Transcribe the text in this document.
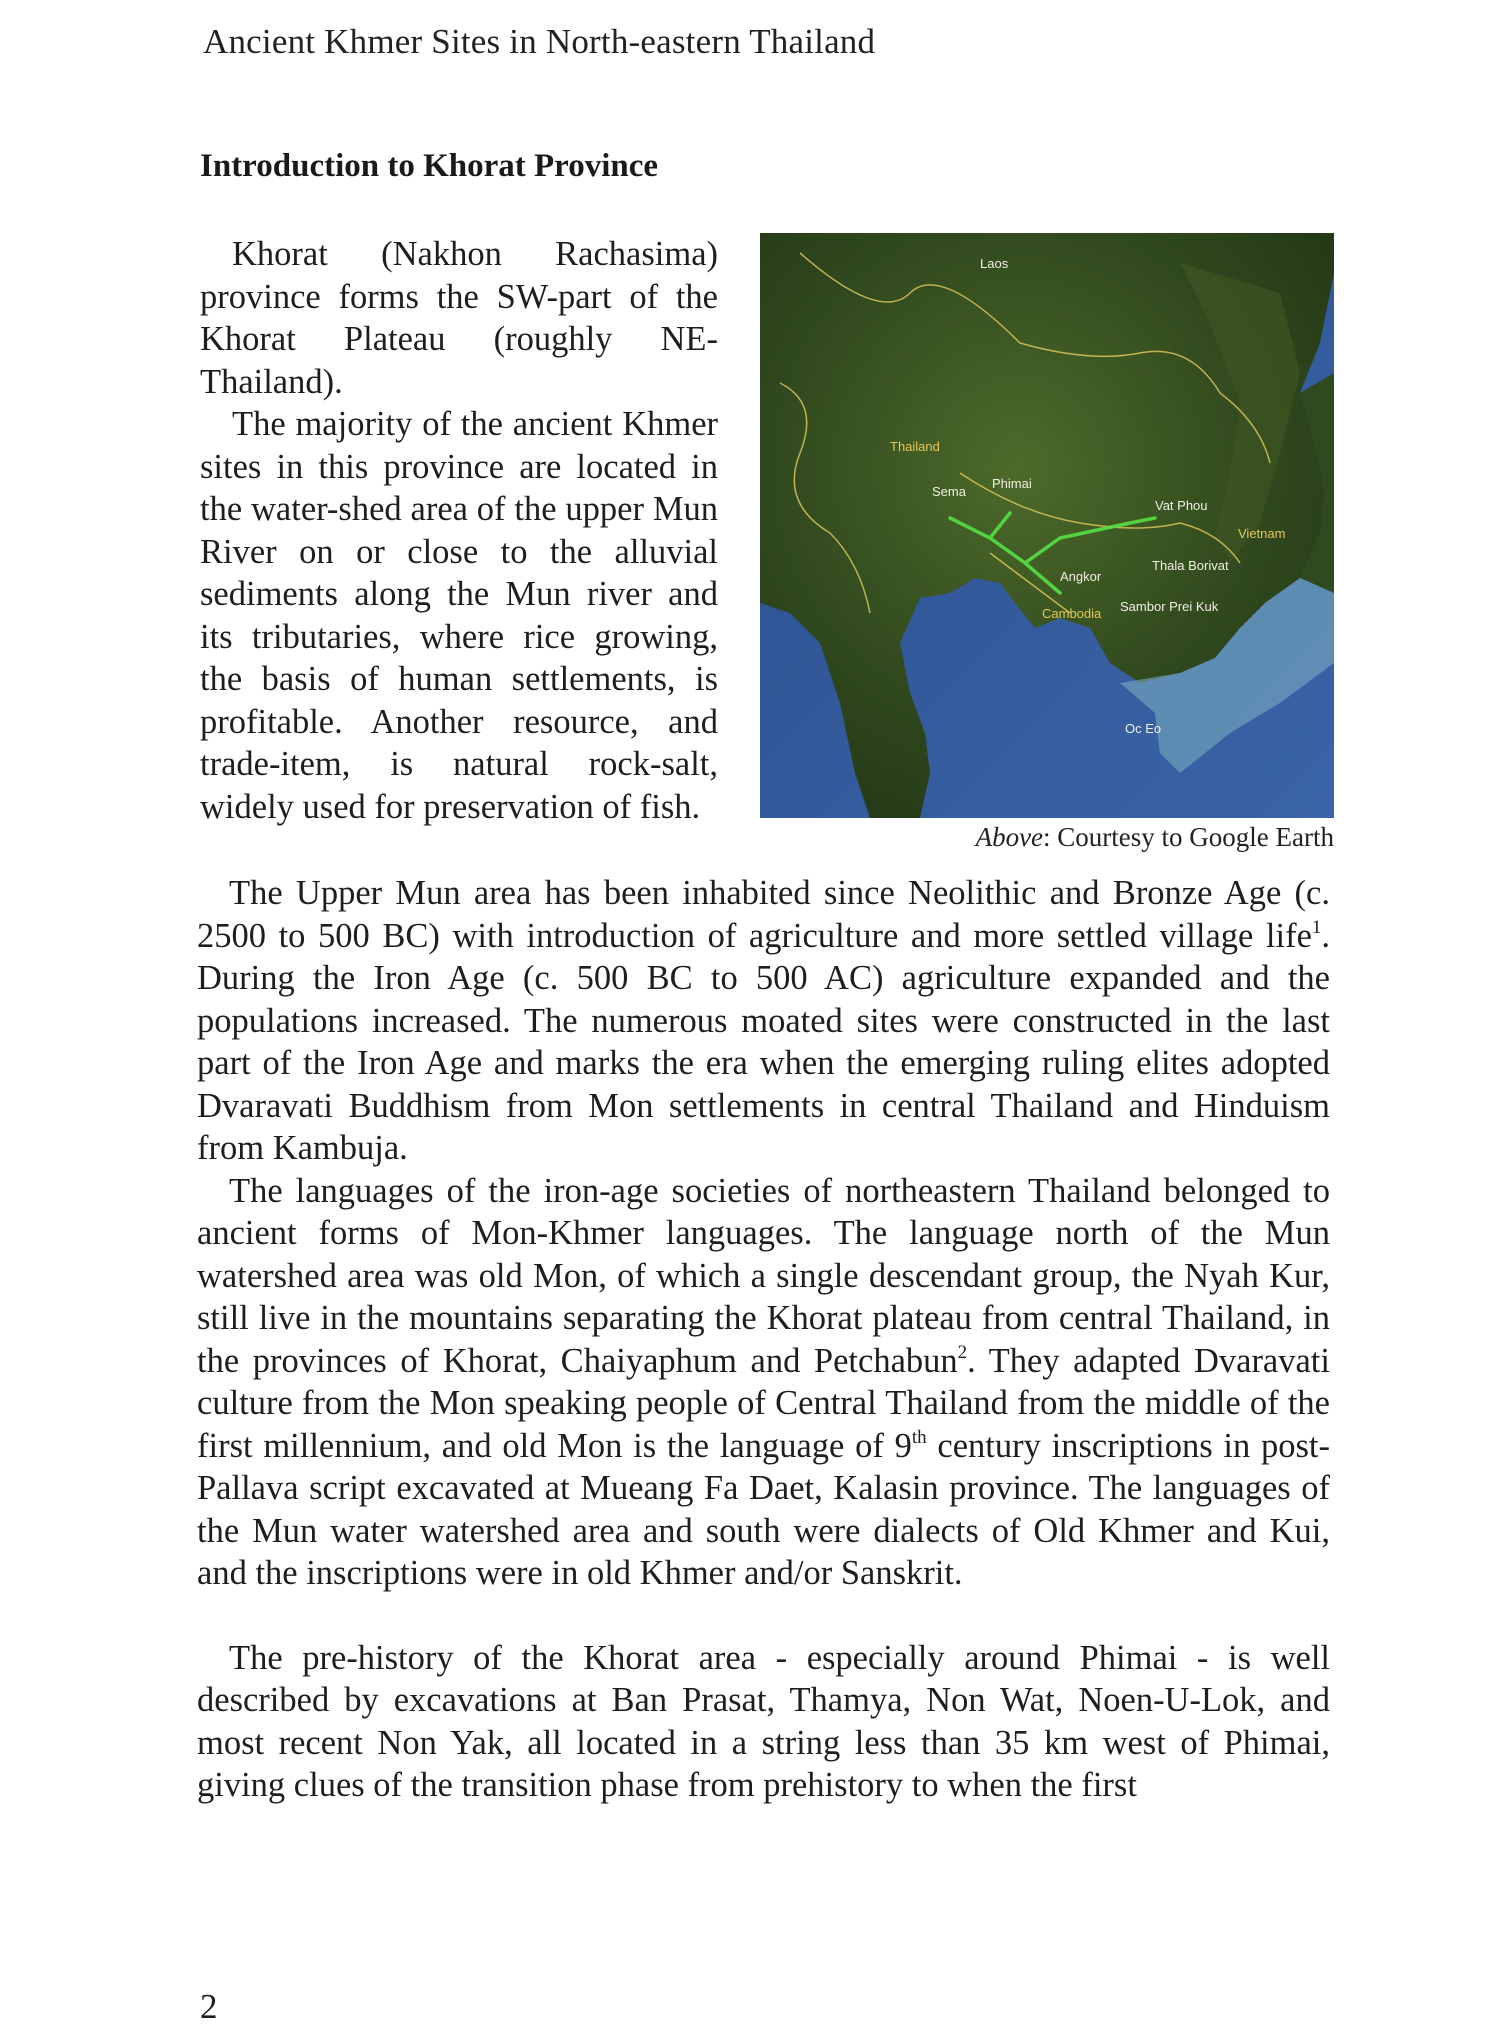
Ancient Khmer Sites in North-eastern Thailand
Introduction to Khorat Province

Khorat (Nakhon Rachasima) province forms the SW-part of the Khorat Plateau (roughly NE-Thailand).

The majority of the ancient Khmer sites in this province are located in the water-shed area of the upper Mun River on or close to the alluvial sediments along the Mun river and its tributaries, where rice growing, the basis of human settlements, is profitable. Another resource, and trade-item, is natural rock-salt, widely used for preservation of fish.

Laos
Thailand
Sema
Phimai
Vat Phou
Vietnam
Angkor
Thala Borivat
Sambor Prei Kuk
Cambodia
Oc Eo
Above: Courtesy to Google Earth

The Upper Mun area has been inhabited since Neolithic and Bronze Age (c. 2500 to 500 BC) with introduction of agriculture and more settled village life$^1$. During the Iron Age (c. 500 BC to 500 AC) agriculture expanded and the populations increased. The numerous moated sites were constructed in the last part of the Iron Age and marks the era when the emerging ruling elites adopted Dvaravati Buddhism from Mon settlements in central Thailand and Hinduism from Kambuja.

The languages of the iron-age societies of northeastern Thailand belonged to ancient forms of Mon-Khmer languages. The language north of the Mun watershed area was old Mon, of which a single descendant group, the Nyah Kur, still live in the mountains separating the Khorat plateau from central Thailand, in the provinces of Khorat, Chaiyaphum and Petchabun$^2$. They adapted Dvaravati culture from the Mon speaking people of Central Thailand from the middle of the first millennium, and old Mon is the language of 9th century inscriptions in post-Pallava script excavated at Mueang Fa Daet, Kalasin province. The languages of the Mun water watershed area and south were dialects of Old Khmer and Kui, and the inscriptions were in old Khmer and/or Sanskrit.

The pre-history of the Khorat area - especially around Phimai - is well described by excavations at Ban Prasat, Thamya, Non Wat, Noen-U-Lok, and most recent Non Yak, all located in a string less than 35 km west of Phimai, giving clues of the transition phase from prehistory to when the first

2
